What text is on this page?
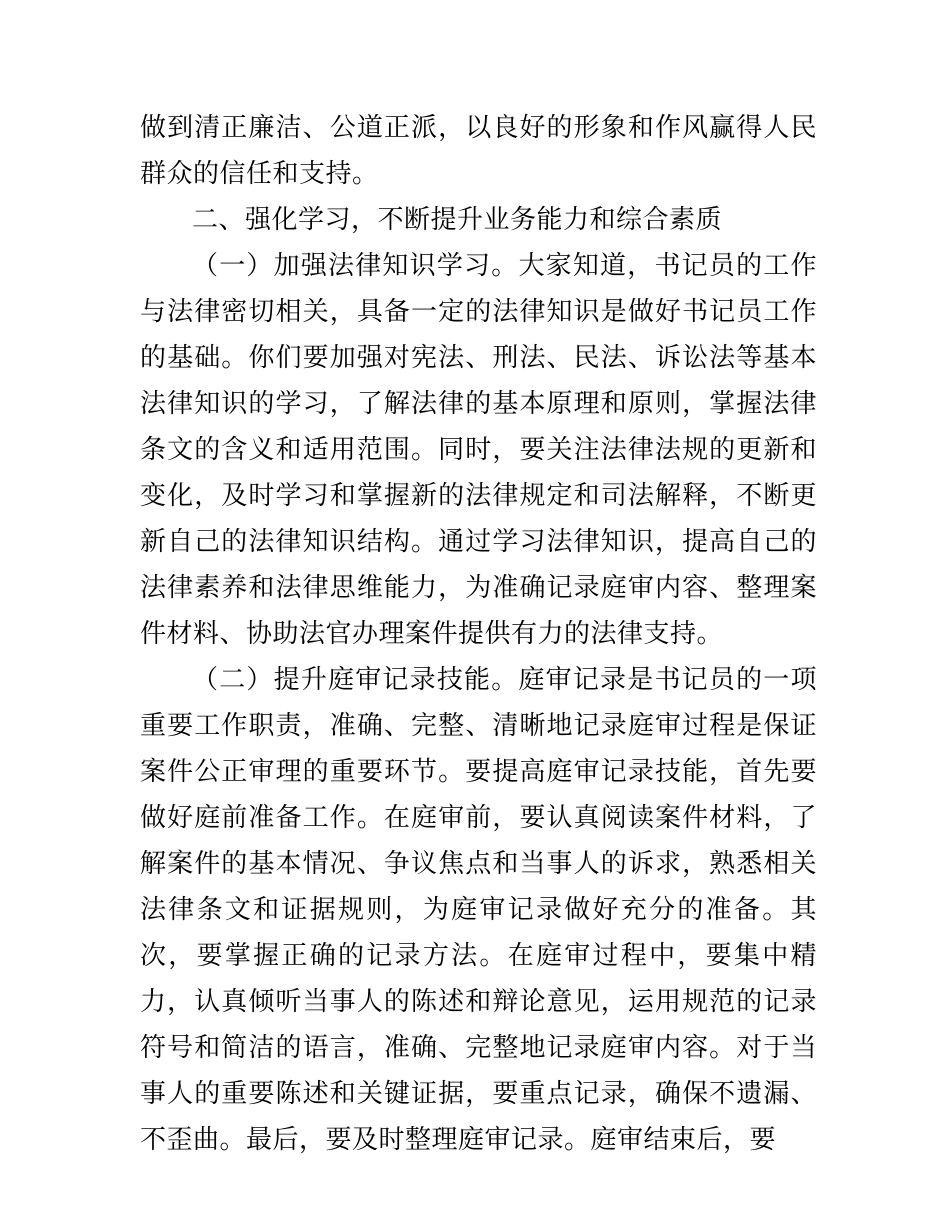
做到清正廉洁、公道正派，以良好的形象和作风赢得人民群众的信任和支持。

二、强化学习，不断提升业务能力和综合素质

（一）加强法律知识学习。大家知道，书记员的工作与法律密切相关，具备一定的法律知识是做好书记员工作的基础。你们要加强对宪法、刑法、民法、诉讼法等基本法律知识的学习，了解法律的基本原理和原则，掌握法律条文的含义和适用范围。同时，要关注法律法规的更新和变化，及时学习和掌握新的法律规定和司法解释，不断更新自己的法律知识结构。通过学习法律知识，提高自己的法律素养和法律思维能力，为准确记录庭审内容、整理案件材料、协助法官办理案件提供有力的法律支持。

（二）提升庭审记录技能。庭审记录是书记员的一项重要工作职责，准确、完整、清晰地记录庭审过程是保证案件公正审理的重要环节。要提高庭审记录技能，首先要做好庭前准备工作。在庭审前，要认真阅读案件材料，了解案件的基本情况、争议焦点和当事人的诉求，熟悉相关法律条文和证据规则，为庭审记录做好充分的准备。其次，要掌握正确的记录方法。在庭审过程中，要集中精力，认真倾听当事人的陈述和辩论意见，运用规范的记录符号和简洁的语言，准确、完整地记录庭审内容。对于当事人的重要陈述和关键证据，要重点记录，确保不遗漏、不歪曲。最后，要及时整理庭审记录。庭审结束后，要
